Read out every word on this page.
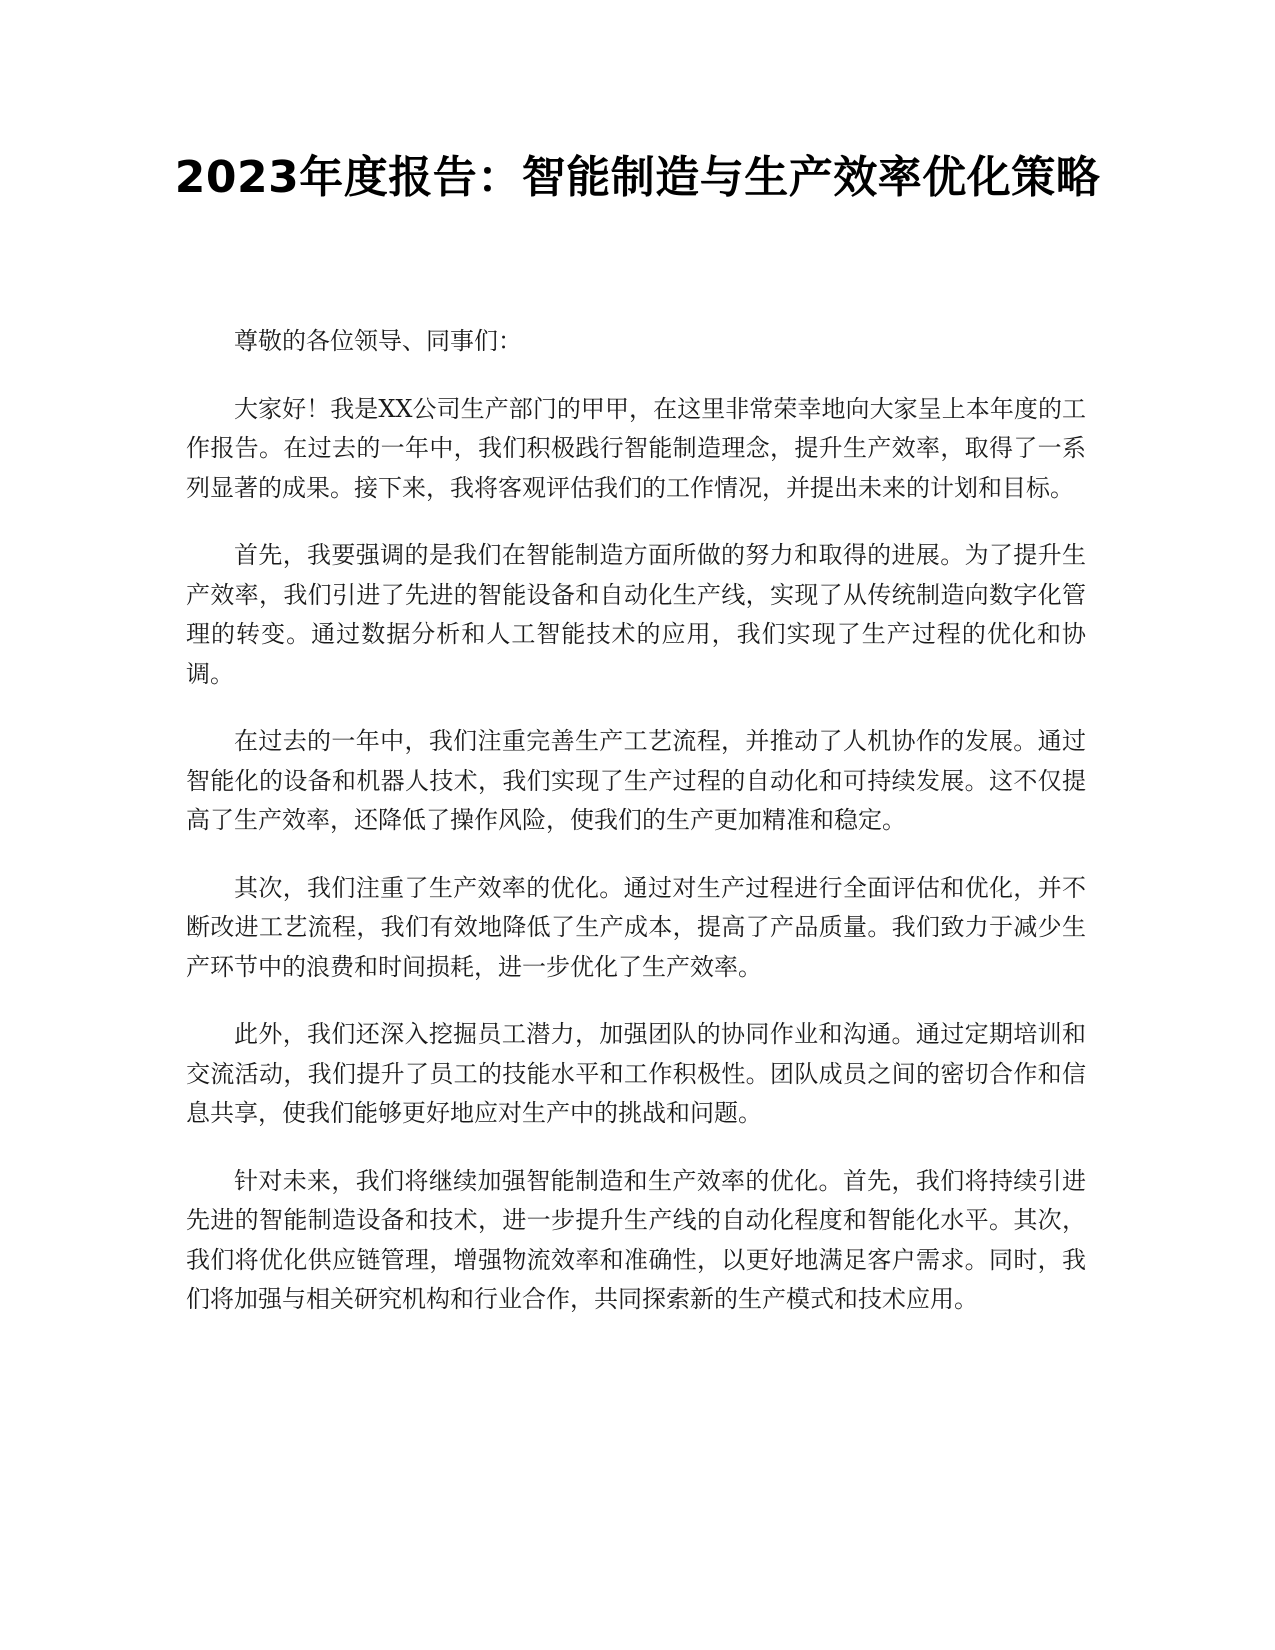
2023年度报告：智能制造与生产效率优化策略

尊敬的各位领导、同事们：

大家好！我是XX公司生产部门的甲甲，在这里非常荣幸地向大家呈上本年度的工作报告。在过去的一年中，我们积极践行智能制造理念，提升生产效率，取得了一系列显著的成果。接下来，我将客观评估我们的工作情况，并提出未来的计划和目标。

首先，我要强调的是我们在智能制造方面所做的努力和取得的进展。为了提升生产效率，我们引进了先进的智能设备和自动化生产线，实现了从传统制造向数字化管理的转变。通过数据分析和人工智能技术的应用，我们实现了生产过程的优化和协调。

在过去的一年中，我们注重完善生产工艺流程，并推动了人机协作的发展。通过智能化的设备和机器人技术，我们实现了生产过程的自动化和可持续发展。这不仅提高了生产效率，还降低了操作风险，使我们的生产更加精准和稳定。

其次，我们注重了生产效率的优化。通过对生产过程进行全面评估和优化，并不断改进工艺流程，我们有效地降低了生产成本，提高了产品质量。我们致力于减少生产环节中的浪费和时间损耗，进一步优化了生产效率。

此外，我们还深入挖掘员工潜力，加强团队的协同作业和沟通。通过定期培训和交流活动，我们提升了员工的技能水平和工作积极性。团队成员之间的密切合作和信息共享，使我们能够更好地应对生产中的挑战和问题。

针对未来，我们将继续加强智能制造和生产效率的优化。首先，我们将持续引进先进的智能制造设备和技术，进一步提升生产线的自动化程度和智能化水平。其次，我们将优化供应链管理，增强物流效率和准确性，以更好地满足客户需求。同时，我们将加强与相关研究机构和行业合作，共同探索新的生产模式和技术应用。
